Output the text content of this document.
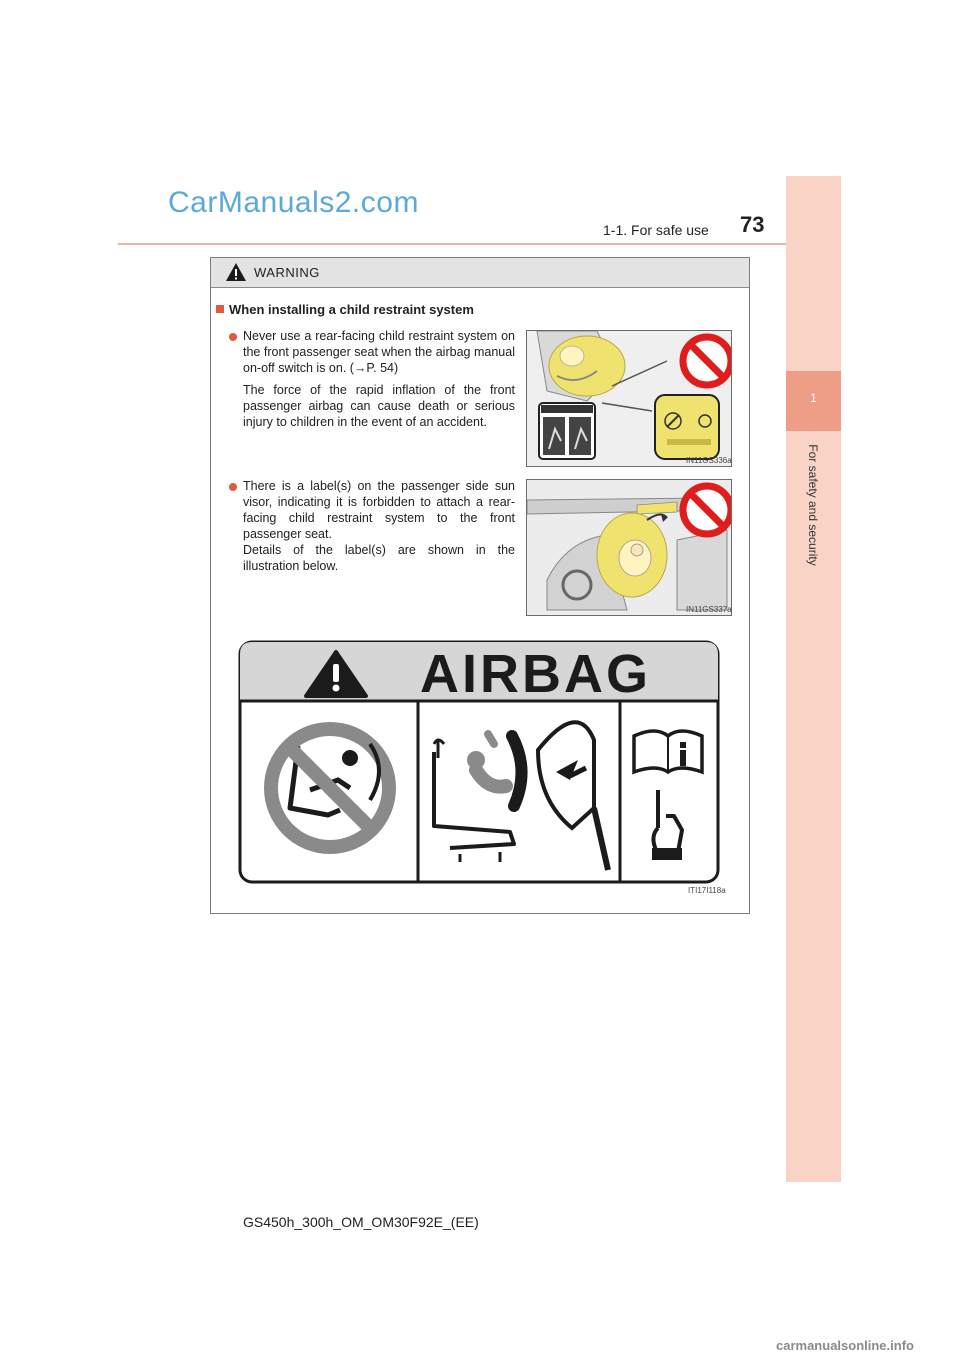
CarManuals2.com
1-1. For safe use 73
1
For safety and security
WARNING
When installing a child restraint system
Never use a rear-facing child restraint system on the front passenger seat when the airbag manual on-off switch is on. (→P. 54)
The force of the rapid inflation of the front passenger airbag can cause death or serious injury to children in the event of an accident.
IN11GS336a
There is a label(s) on the passenger side sun visor, indicating it is forbidden to attach a rear-facing child restraint system to the front passenger seat.
Details of the label(s) are shown in the illustration below.
IN11GS337a
AIRBAG
ITI17I118a
GS450h_300h_OM_OM30F92E_(EE)
carmanualsonline.info
